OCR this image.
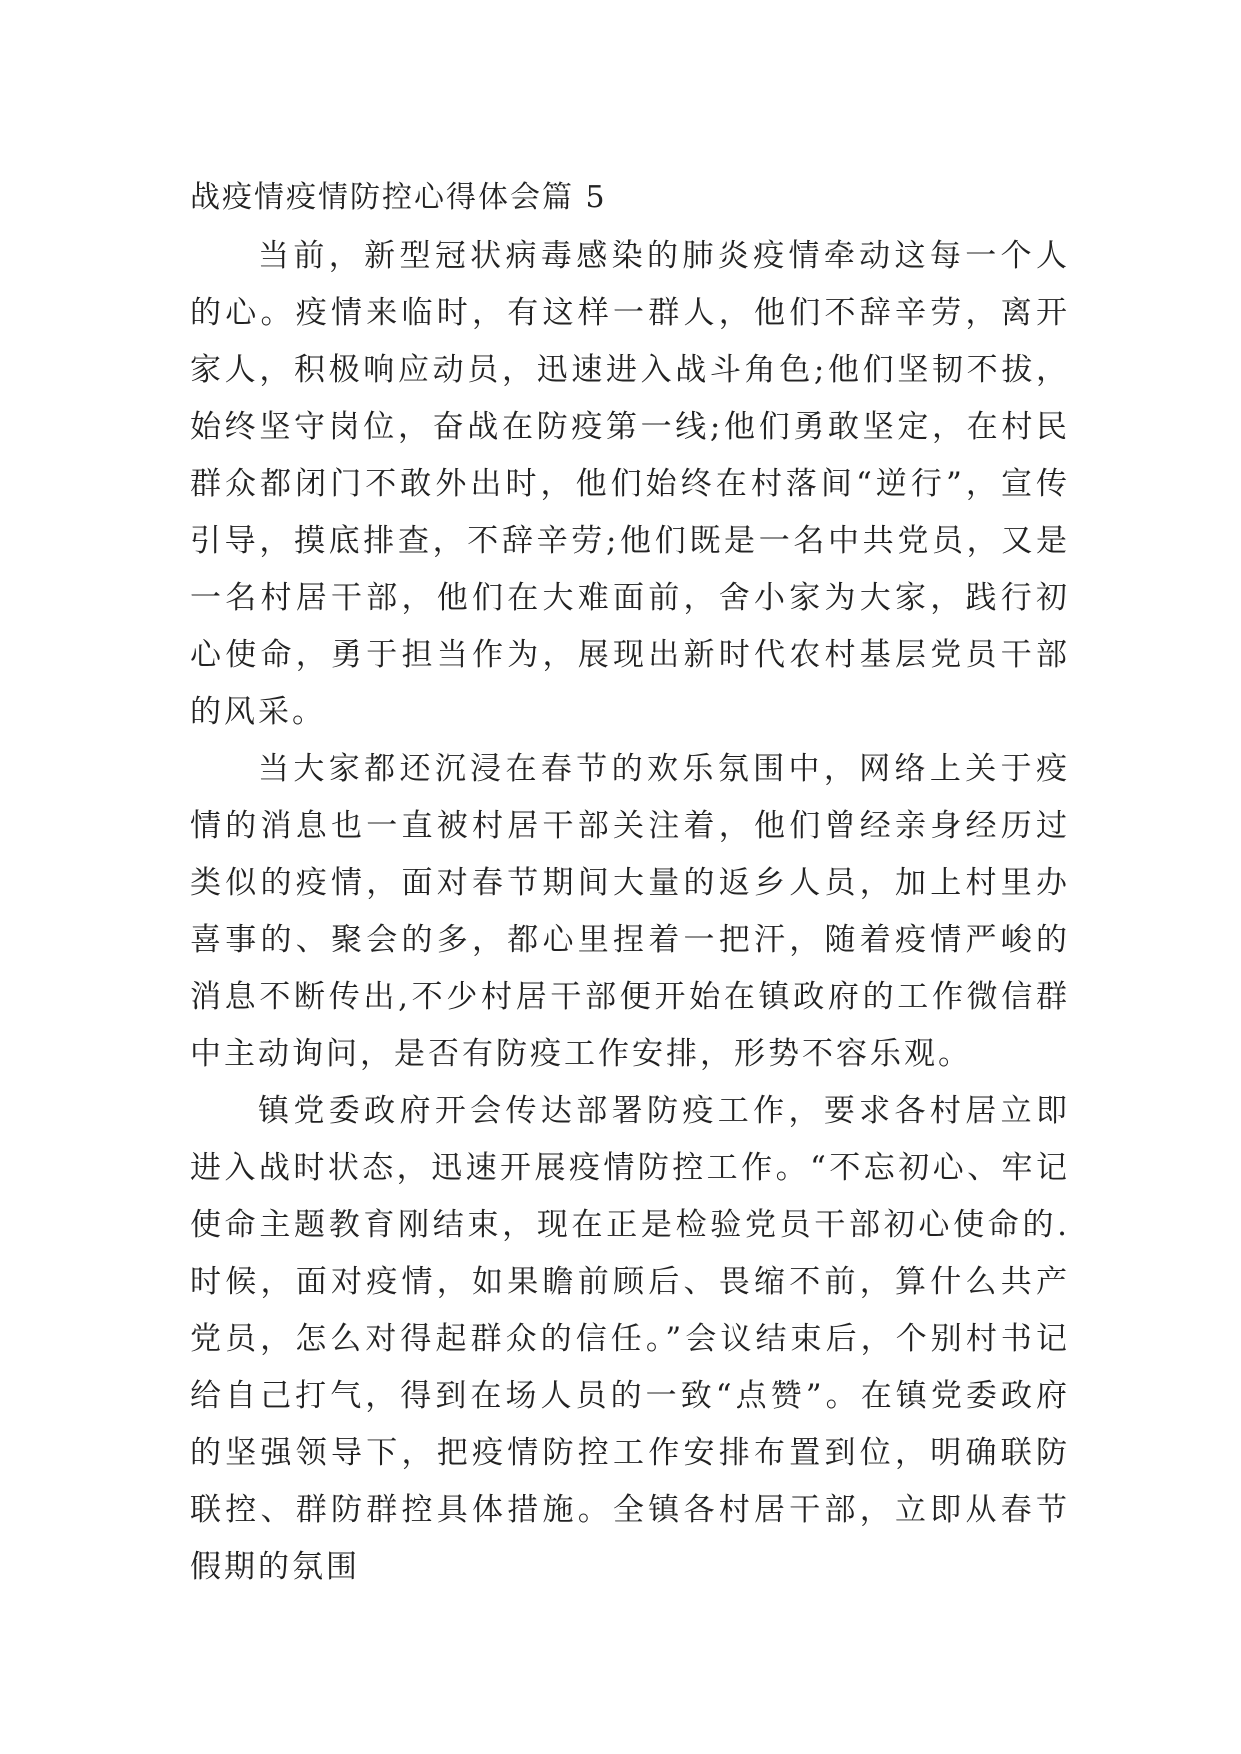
战疫情疫情防控心得体会篇 5

当前，新型冠状病毒感染的肺炎疫情牵动这每一个人的心。疫情来临时，有这样一群人，他们不辞辛劳，离开家人，积极响应动员，迅速进入战斗角色;他们坚韧不拔，始终坚守岗位，奋战在防疫第一线;他们勇敢坚定，在村民群众都闭门不敢外出时，他们始终在村落间“逆行”，宣传引导，摸底排查，不辞辛劳;他们既是一名中共党员，又是一名村居干部，他们在大难面前，舍小家为大家，践行初心使命，勇于担当作为，展现出新时代农村基层党员干部的风采。

当大家都还沉浸在春节的欢乐氛围中，网络上关于疫情的消息也一直被村居干部关注着，他们曾经亲身经历过类似的疫情，面对春节期间大量的返乡人员，加上村里办喜事的、聚会的多，都心里捏着一把汗，随着疫情严峻的消息不断传出,不少村居干部便开始在镇政府的工作微信群中主动询问，是否有防疫工作安排，形势不容乐观。

镇党委政府开会传达部署防疫工作，要求各村居立即进入战时状态，迅速开展疫情防控工作。“不忘初心、牢记使命主题教育刚结束，现在正是检验党员干部初心使命的.时候，面对疫情，如果瞻前顾后、畏缩不前，算什么共产党员，怎么对得起群众的信任。”会议结束后，个别村书记给自己打气，得到在场人员的一致“点赞”。在镇党委政府的坚强领导下，把疫情防控工作安排布置到位，明确联防联控、群防群控具体措施。全镇各村居干部，立即从春节假期的氛围
